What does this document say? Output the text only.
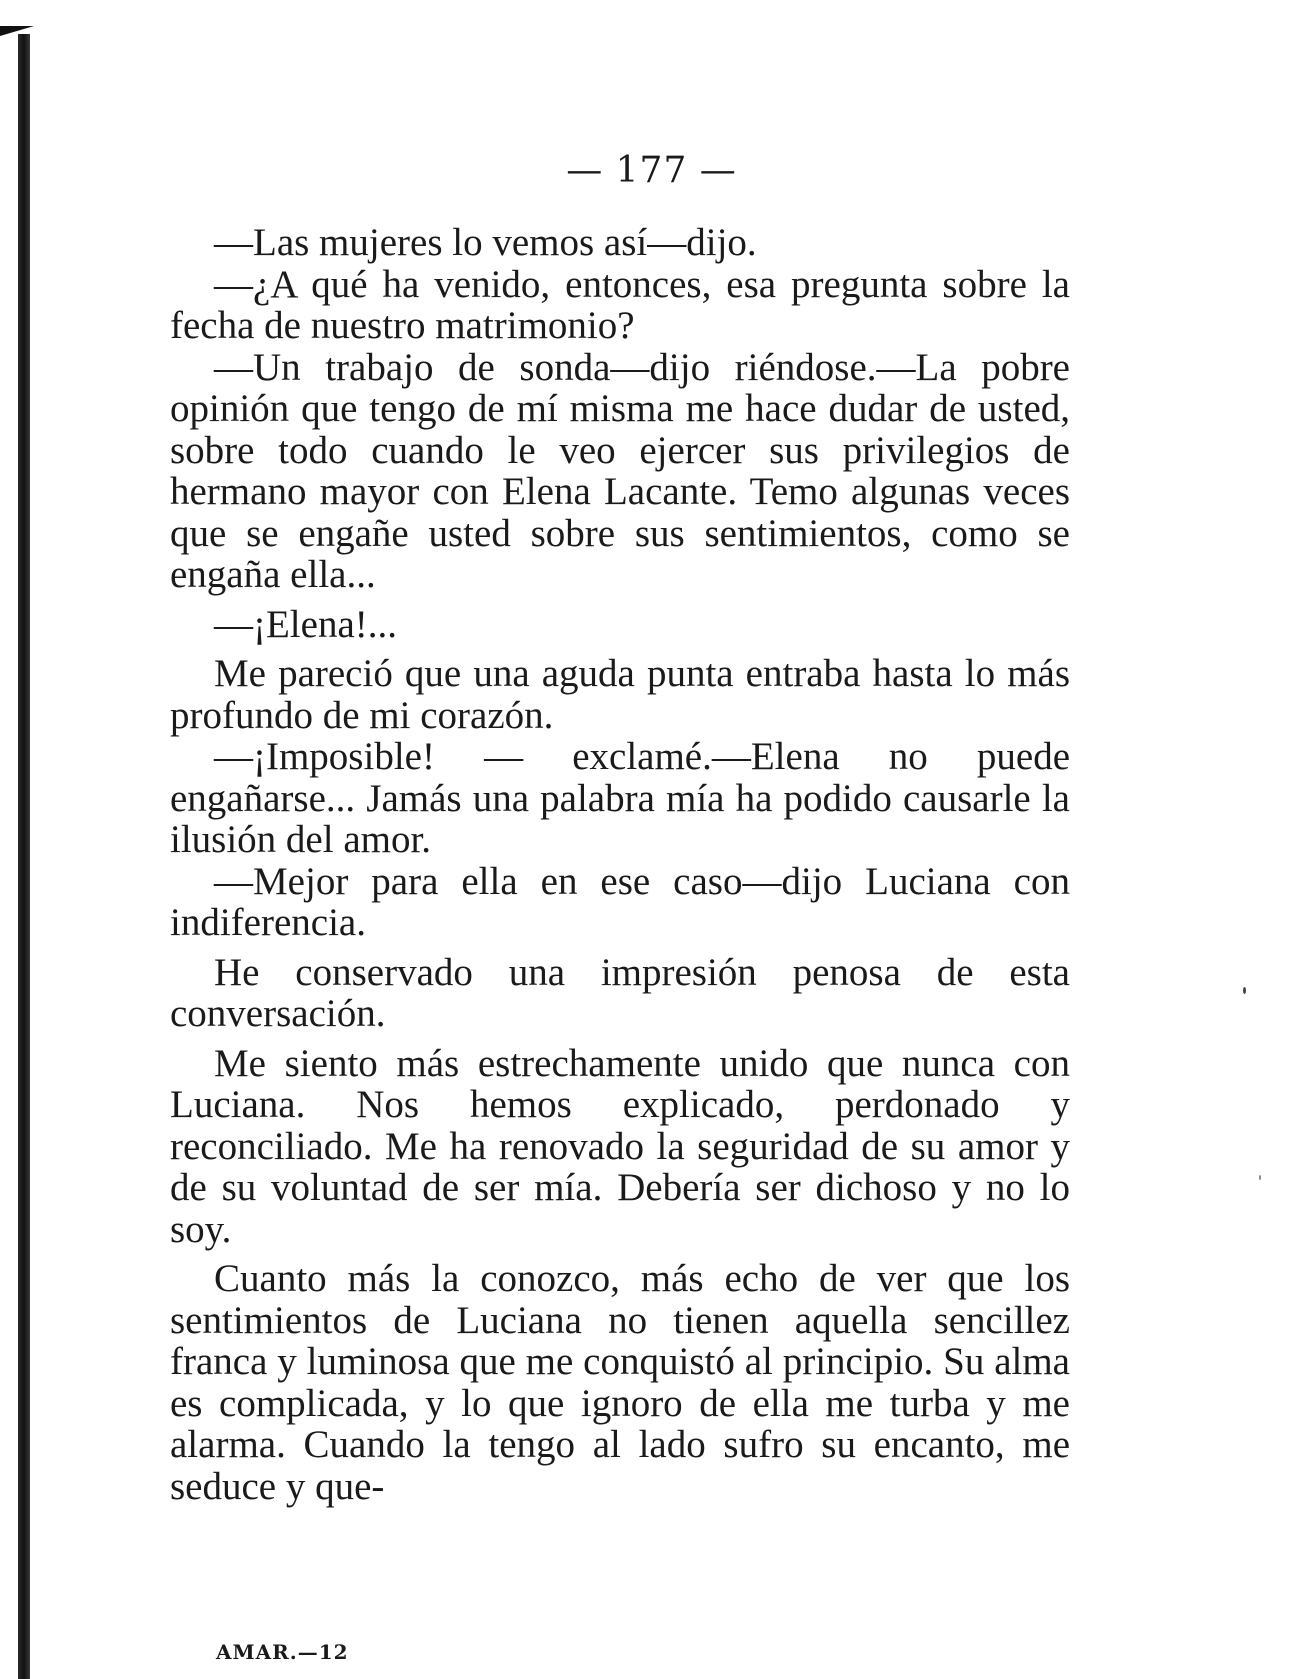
— 177 —

—Las mujeres lo vemos así—dijo.

—¿A qué ha venido, entonces, esa pregunta sobre la fecha de nuestro matrimonio?

—Un trabajo de sonda—dijo riéndose.—La pobre opinión que tengo de mí misma me hace dudar de usted, sobre todo cuando le veo ejercer sus privilegios de hermano mayor con Elena Lacante. Temo algunas veces que se engañe usted sobre sus sentimientos, como se engaña ella...

—¡Elena!...

Me pareció que una aguda punta entraba hasta lo más profundo de mi corazón.

—¡Imposible! — exclamé.—Elena no puede engañarse... Jamás una palabra mía ha podido causarle la ilusión del amor.

—Mejor para ella en ese caso—dijo Luciana con indiferencia.

He conservado una impresión penosa de esta conversación.

Me siento más estrechamente unido que nunca con Luciana. Nos hemos explicado, perdonado y reconciliado. Me ha renovado la seguridad de su amor y de su voluntad de ser mía. Debería ser dichoso y no lo soy.

Cuanto más la conozco, más echo de ver que los sentimientos de Luciana no tienen aquella sencillez franca y luminosa que me conquistó al principio. Su alma es complicada, y lo que ignoro de ella me turba y me alarma. Cuando la tengo al lado sufro su encanto, me seduce y que-

AMAR.—12
